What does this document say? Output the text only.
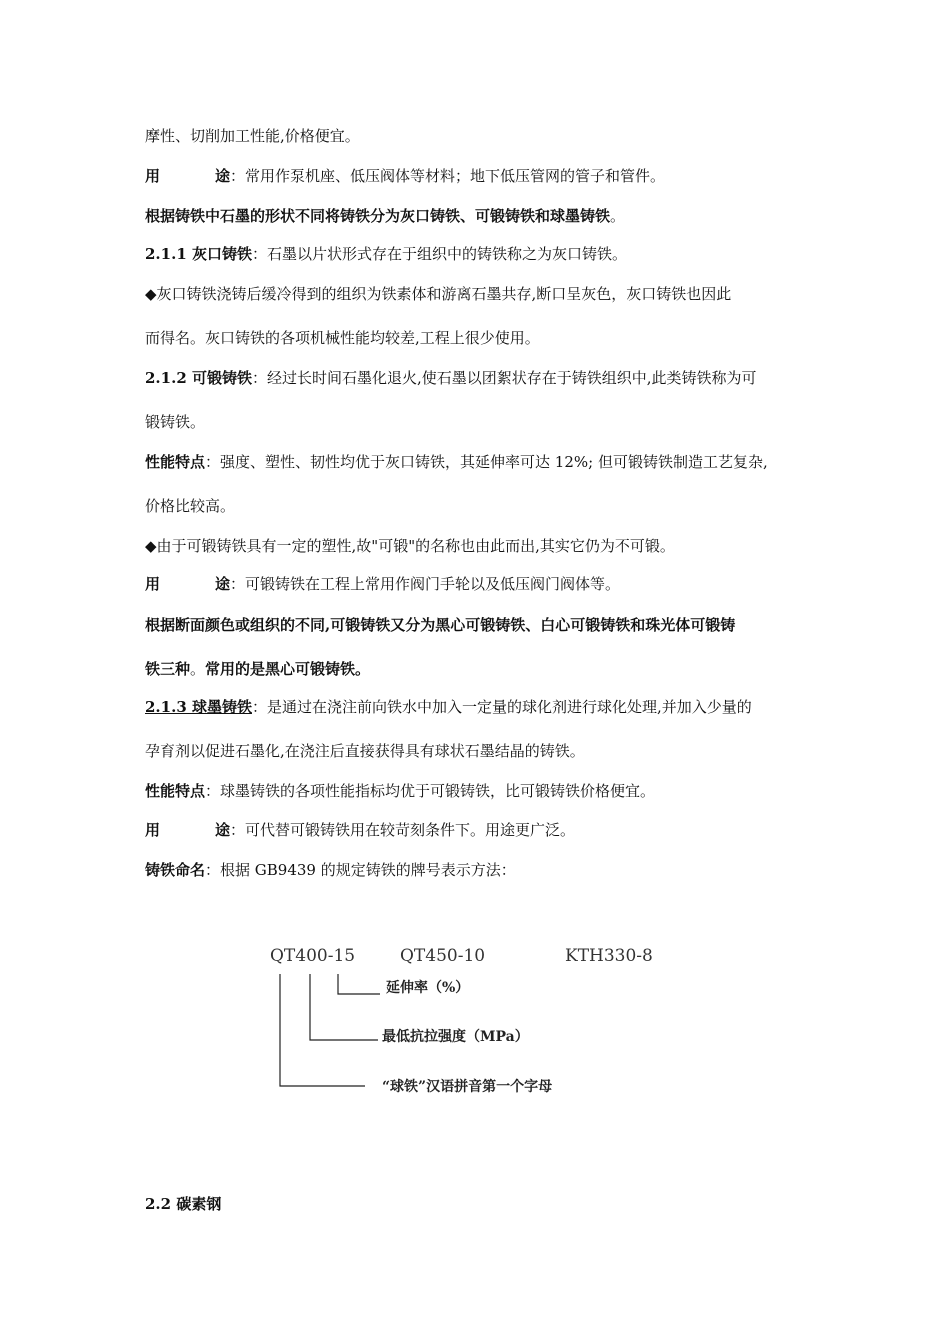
摩性、切削加工性能,价格便宜。
用	途：常用作泵机座、低压阀体等材料；地下低压管网的管子和管件。
根据铸铁中石墨的形状不同将铸铁分为灰口铸铁、可锻铸铁和球墨铸铁。
2.1.1 灰口铸铁：石墨以片状形式存在于组织中的铸铁称之为灰口铸铁。
◆灰口铸铁浇铸后缓冷得到的组织为铁素体和游离石墨共存,断口呈灰色，灰口铸铁也因此
而得名。灰口铸铁的各项机械性能均较差,工程上很少使用。
2.1.2 可锻铸铁：经过长时间石墨化退火,使石墨以团絮状存在于铸铁组织中,此类铸铁称为可
锻铸铁。
性能特点：强度、塑性、韧性均优于灰口铸铁，其延伸率可达 12%; 但可锻铸铁制造工艺复杂,
价格比较高。
◆由于可锻铸铁具有一定的塑性,故"可锻"的名称也由此而出,其实它仍为不可锻。
用	途：可锻铸铁在工程上常用作阀门手轮以及低压阀门阀体等。
根据断面颜色或组织的不同,可锻铸铁又分为黑心可锻铸铁、白心可锻铸铁和珠光体可锻铸
铁三种。常用的是黑心可锻铸铁。
2.1.3 球墨铸铁：是通过在浇注前向铁水中加入一定量的球化剂进行球化处理,并加入少量的
孕育剂以促进石墨化,在浇注后直接获得具有球状石墨结晶的铸铁。
性能特点：球墨铸铁的各项性能指标均优于可锻铸铁，比可锻铸铁价格便宜。
用	途：可代替可锻铸铁用在较苛刻条件下。用途更广泛。
铸铁命名：根据 GB9439 的规定铸铁的牌号表示方法：
QT400-15	QT450-10	KTH330-8
延伸率（%）
最低抗拉强度（MPa）
“球铁”汉语拼音第一个字母
2.2 碳素钢
